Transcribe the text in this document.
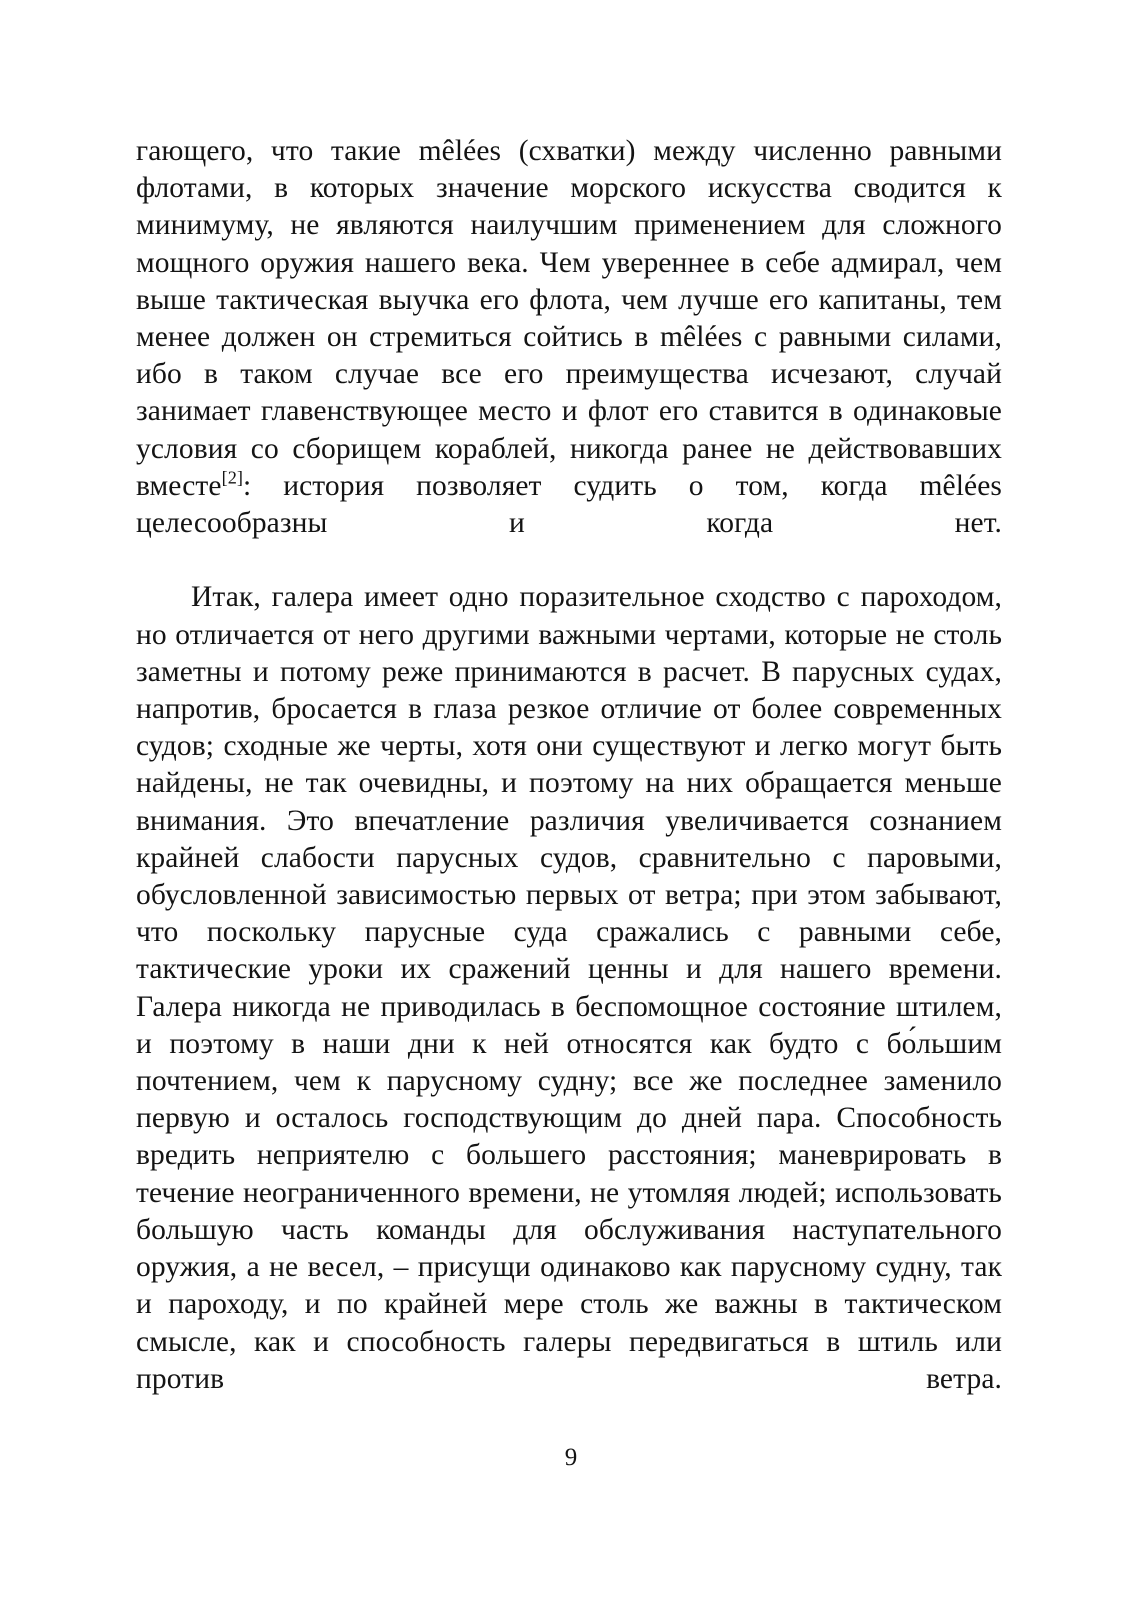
гающего, что такие mêlées (схватки) между численно равными флотами, в которых значение морского искусства сводится к минимуму, не являются наилучшим применением для сложного мощного оружия нашего века. Чем увереннее в себе адмирал, чем выше тактическая выучка его флота, чем лучше его капитаны, тем менее должен он стремиться сойтись в mêlées с равными силами, ибо в таком случае все его преимущества исчезают, случай занимает главенствующее место и флот его ставится в одинаковые условия со сборищем кораблей, никогда ранее не действовавших вместе[2]: история позволяет судить о том, когда mêlées целесообразны и когда нет.

Итак, галера имеет одно поразительное сходство с пароходом, но отличается от него другими важными чертами, которые не столь заметны и потому реже принимаются в расчет. В парусных судах, напротив, бросается в глаза резкое отличие от более современных судов; сходные же черты, хотя они существуют и легко могут быть найдены, не так очевидны, и поэтому на них обращается меньше внимания. Это впечатление различия увеличивается сознанием крайней слабости парусных судов, сравнительно с паровыми, обусловленной зависимостью первых от ветра; при этом забывают, что поскольку парусные суда сражались с равными себе, тактические уроки их сражений ценны и для нашего времени. Галера никогда не приводилась в беспомощное состояние штилем, и поэтому в наши дни к ней относятся как будто с бо́льшим почтением, чем к парусному судну; все же последнее заменило первую и осталось господствующим до дней пара. Способность вредить неприятелю с большего расстояния; маневрировать в течение неограниченного времени, не утомляя людей; использовать большую часть команды для обслуживания наступательного оружия, а не весел, – присущи одинаково как парусному судну, так и пароходу, и по крайней мере столь же важны в тактическом смысле, как и способность галеры передвигаться в штиль или против ветра.

9
